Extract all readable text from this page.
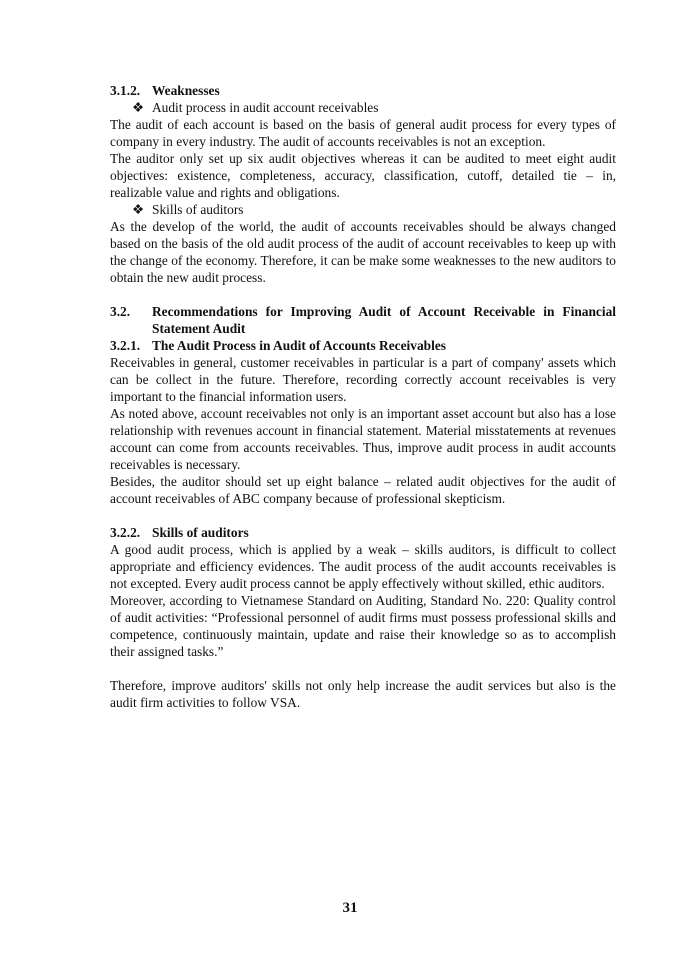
3.1.2. Weaknesses
❖ Audit process in audit account receivables

The audit of each account is based on the basis of general audit process for every types of company in every industry. The audit of accounts receivables is not an exception.

The auditor only set up six audit objectives whereas it can be audited to meet eight audit objectives: existence, completeness, accuracy, classification, cutoff, detailed tie – in, realizable value and rights and obligations.

❖ Skills of auditors

As the develop of the world, the audit of accounts receivables should be always changed based on the basis of the old audit process of the audit of account receivables to keep up with the change of the economy. Therefore, it can be make some weaknesses to the new auditors to obtain the new audit process.

3.2.	Recommendations for Improving Audit of Account Receivable in Financial Statement Audit
3.2.1. The Audit Process in Audit of Accounts Receivables

Receivables in general, customer receivables in particular is a part of company' assets which can be collect in the future. Therefore, recording correctly account receivables is very important to the financial information users.

As noted above, account receivables not only is an important asset account but also has a lose relationship with revenues account in financial statement. Material misstatements at revenues account can come from accounts receivables. Thus, improve audit process in audit accounts receivables is necessary.

Besides, the auditor should set up eight balance – related audit objectives for the audit of account receivables of ABC company because of professional skepticism.

3.2.2. Skills of auditors

A good audit process, which is applied by a weak – skills auditors, is difficult to collect appropriate and efficiency evidences. The audit process of the audit accounts receivables is not excepted. Every audit process cannot be apply effectively without skilled, ethic auditors.

Moreover, according to Vietnamese Standard on Auditing, Standard No. 220: Quality control of audit activities: “Professional personnel of audit firms must possess professional skills and competence, continuously maintain, update and raise their knowledge so as to accomplish their assigned tasks.”

Therefore, improve auditors' skills not only help increase the audit services but also is the audit firm activities to follow VSA.

31
